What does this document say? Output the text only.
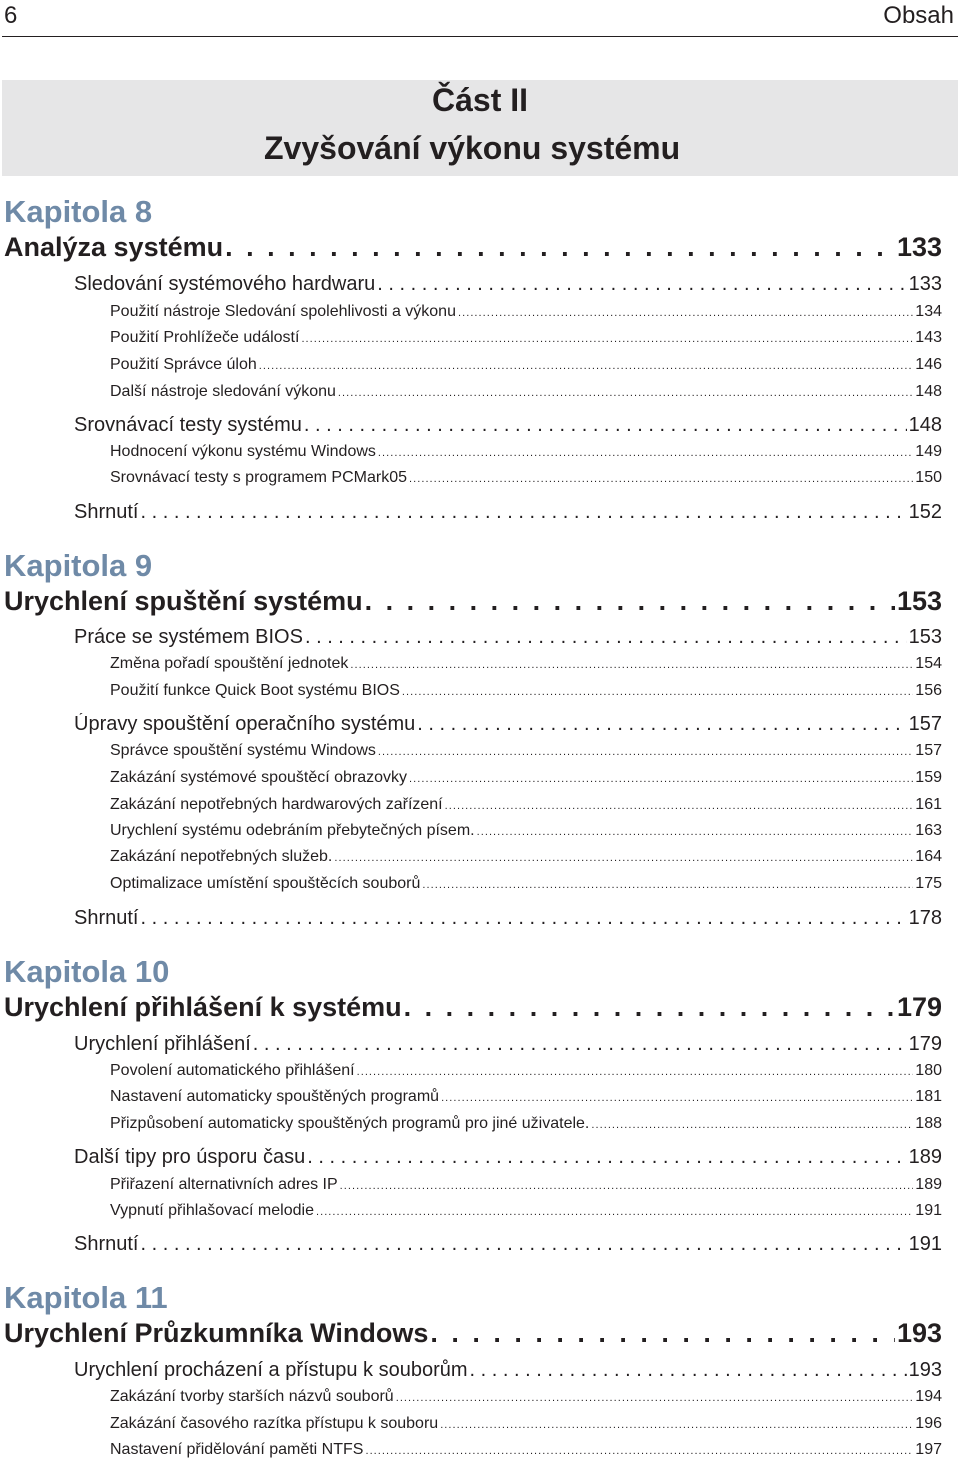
6	Obsah
Část II
Zvyšování výkonu systému
Kapitola 8
Analýza systému . . .	133
Sledování systémového hardwaru . . .	133
Použití nástroje Sledování spolehlivosti a výkonu . . .	134
Použití Prohlížeče událostí . . .	143
Použití Správce úloh . . .	146
Další nástroje sledování výkonu . . .	148
Srovnávací testy systému . . .	148
Hodnocení výkonu systému Windows . . .	149
Srovnávací testy s programem PCMark05 . . .	150
Shrnutí . . .	152
Kapitola 9
Urychlení spuštění systému . . .	153
Práce se systémem BIOS . . .	153
Změna pořadí spouštění jednotek . . .	154
Použití funkce Quick Boot systému BIOS . . .	156
Úpravy spouštění operačního systému . . .	157
Správce spouštění systému Windows . . .	157
Zakázání systémové spouštěcí obrazovky . . .	159
Zakázání nepotřebných hardwarových zařízení . . .	161
Urychlení systému odebráním přebytečných písem. . . .	163
Zakázání nepotřebných služeb. . . .	164
Optimalizace umístění spouštěcích souborů . . .	175
Shrnutí . . .	178
Kapitola 10
Urychlení přihlášení k systému . . .	179
Urychlení přihlášení . . .	179
Povolení automatického přihlášení . . .	180
Nastavení automaticky spouštěných programů . . .	181
Přizpůsobení automaticky spouštěných programů pro jiné uživatele. . . .	188
Další tipy pro úsporu času . . .	189
Přiřazení alternativních adres IP . . .	189
Vypnutí přihlašovací melodie . . .	191
Shrnutí . . .	191
Kapitola 11
Urychlení Průzkumníka Windows . . .	193
Urychlení procházení a přístupu k souborům . . .	193
Zakázání tvorby starších názvů souborů . . .	194
Zakázání časového razítka přístupu k souboru . . .	196
Nastavení přidělování paměti NTFS . . .	197
